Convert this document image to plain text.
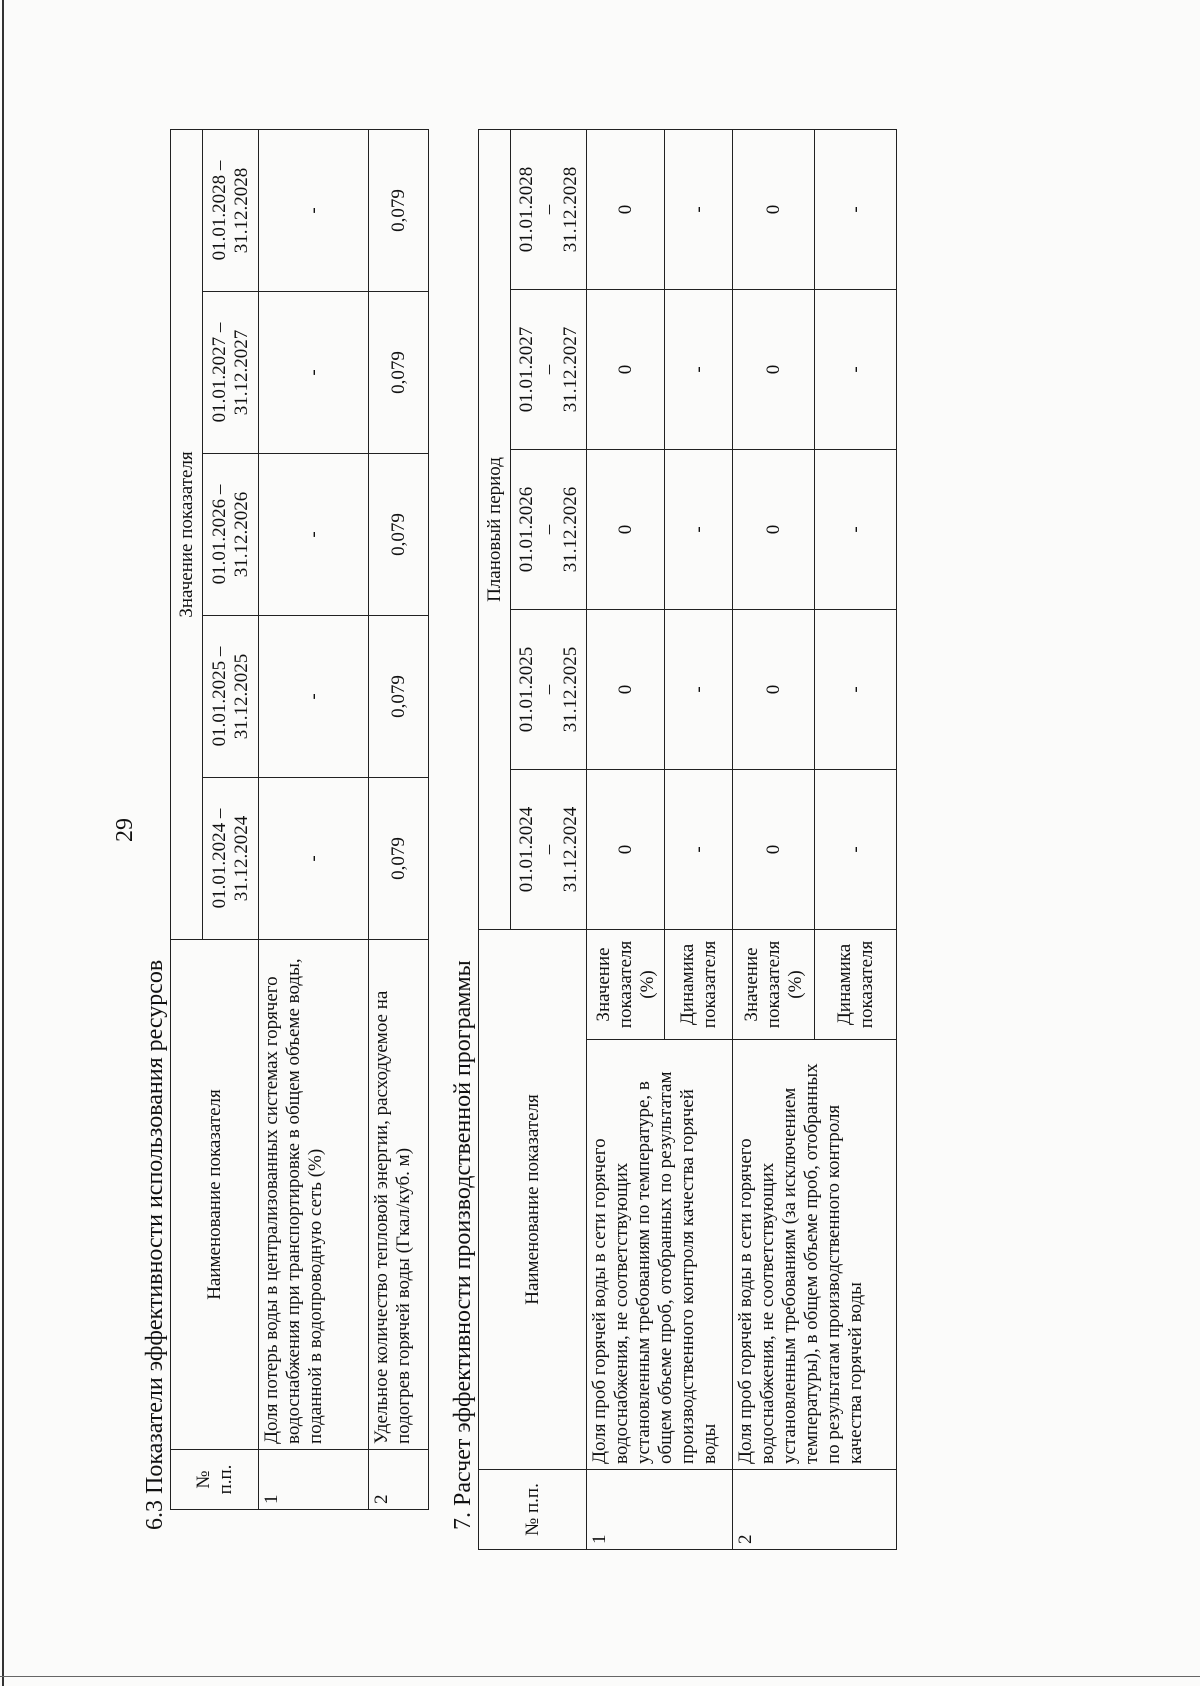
29
6.3 Показатели эффективности использования ресурсов № п.п.	Наименование показателя	Значение показателя				
		01.01.2024 – 31.12.2024	01.01.2025 – 31.12.2025	01.01.2026 – 31.12.2026	01.01.2027 – 31.12.2027	01.01.2028 – 31.12.2028
1	Доля потерь воды в централизованных системах горячего водоснабжения при транспортировке в общем объеме воды, поданной в водопроводную сеть (%)	-	-	-	-	-
2	Удельное количество тепловой энергии, расходуемое на подогрев горячей воды (Гкал/куб. м)	0,079	0,079	0,079	0,079	0,079
7. Расчет эффективности производственной программы № п.п.	Наименование показателя		Плановый период				
			01.01.2024
–
31.12.2024	01.01.2025
–
31.12.2025	01.01.2026
–
31.12.2026	01.01.2027
–
31.12.2027	01.01.2028
–
31.12.2028
1	Доля проб горячей воды в сети горячего водоснабжения, не соответствующих установленным требованиям по температуре, в общем объеме проб, отобранных по результатам производственного контроля качества горячей воды	Значение показателя (%)	0	0	0	0	0
		Динамика показателя	-	-	-	-	-
2	Доля проб горячей воды в сети горячего водоснабжения, не соответствующих установленным требованиям (за исключением температуры), в общем объеме проб, отобранных по результатам производственного контроля качества горячей воды	Значение показателя (%)	0	0	0	0	0
		Динамика показателя	-	-	-	-	-
